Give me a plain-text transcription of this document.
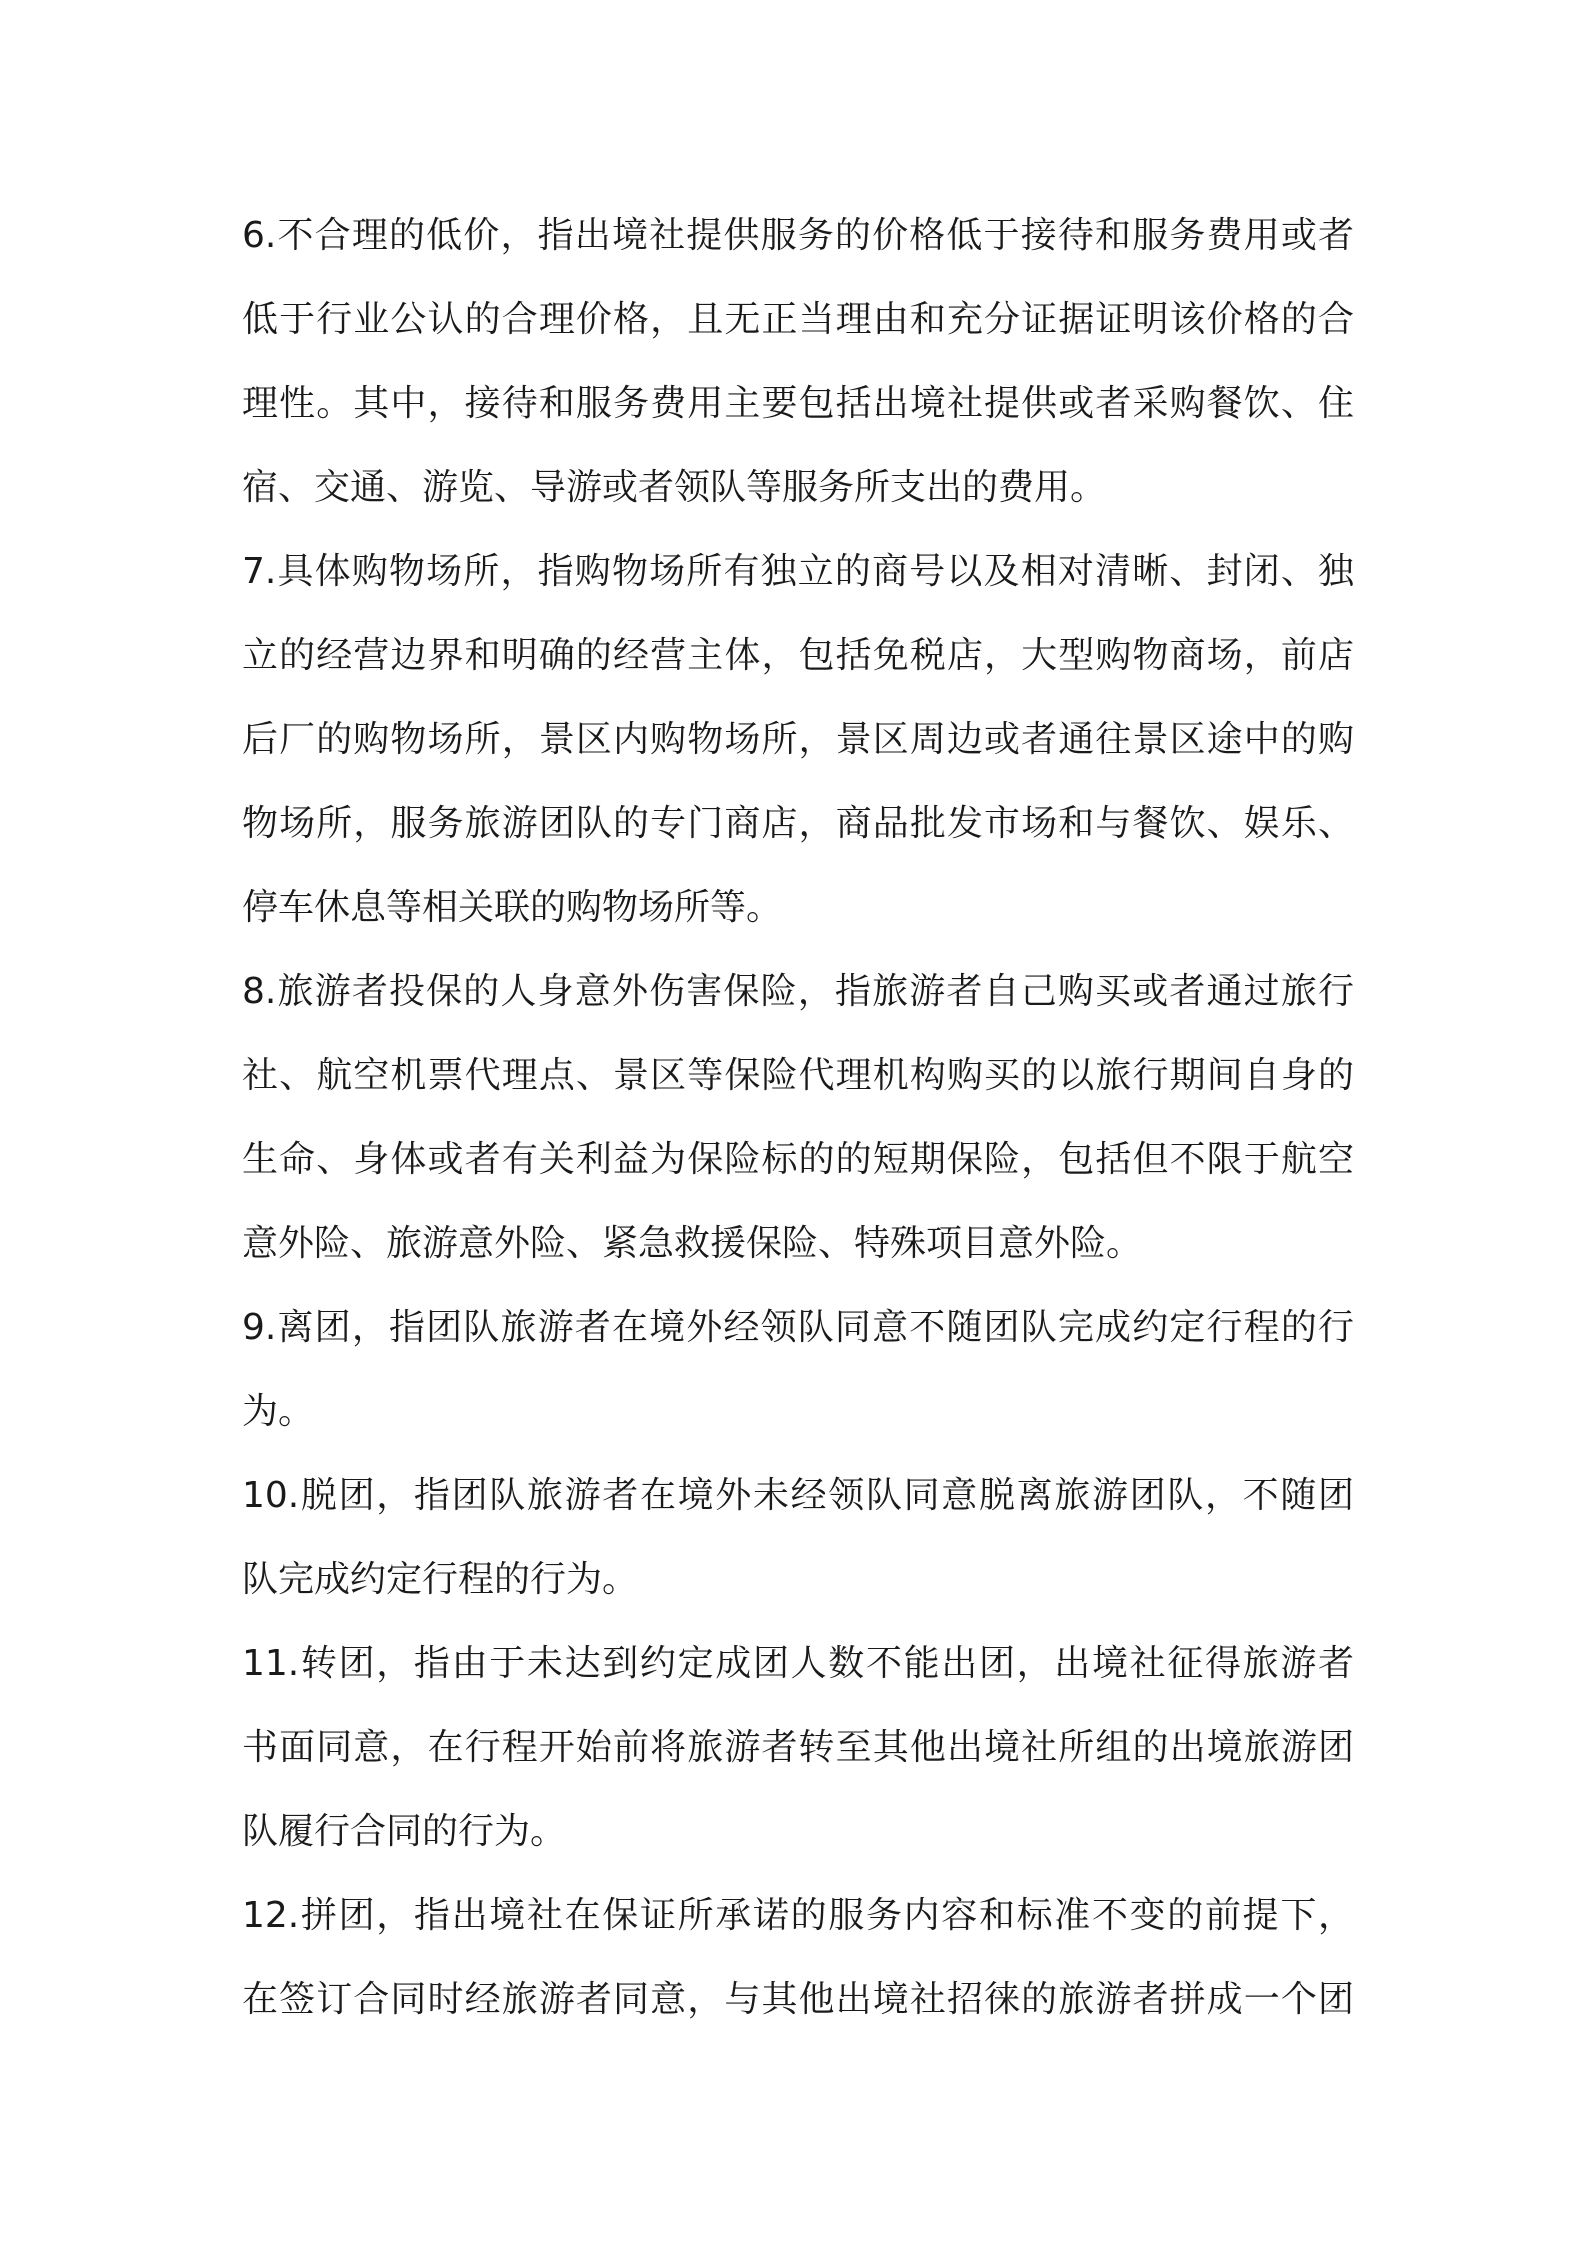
6.不合理的低价，指出境社提供服务的价格低于接待和服务费用或者
低于行业公认的合理价格，且无正当理由和充分证据证明该价格的合
理性。其中，接待和服务费用主要包括出境社提供或者采购餐饮、住
宿、交通、游览、导游或者领队等服务所支出的费用。
7.具体购物场所，指购物场所有独立的商号以及相对清晰、封闭、独
立的经营边界和明确的经营主体，包括免税店，大型购物商场，前店
后厂的购物场所，景区内购物场所，景区周边或者通往景区途中的购
物场所，服务旅游团队的专门商店，商品批发市场和与餐饮、娱乐、
停车休息等相关联的购物场所等。
8.旅游者投保的人身意外伤害保险，指旅游者自己购买或者通过旅行
社、航空机票代理点、景区等保险代理机构购买的以旅行期间自身的
生命、身体或者有关利益为保险标的的短期保险，包括但不限于航空
意外险、旅游意外险、紧急救援保险、特殊项目意外险。
9.离团，指团队旅游者在境外经领队同意不随团队完成约定行程的行
为。
10.脱团，指团队旅游者在境外未经领队同意脱离旅游团队，不随团
队完成约定行程的行为。
11.转团，指由于未达到约定成团人数不能出团，出境社征得旅游者
书面同意，在行程开始前将旅游者转至其他出境社所组的出境旅游团
队履行合同的行为。
12.拼团，指出境社在保证所承诺的服务内容和标准不变的前提下，
在签订合同时经旅游者同意，与其他出境社招徕的旅游者拼成一个团
